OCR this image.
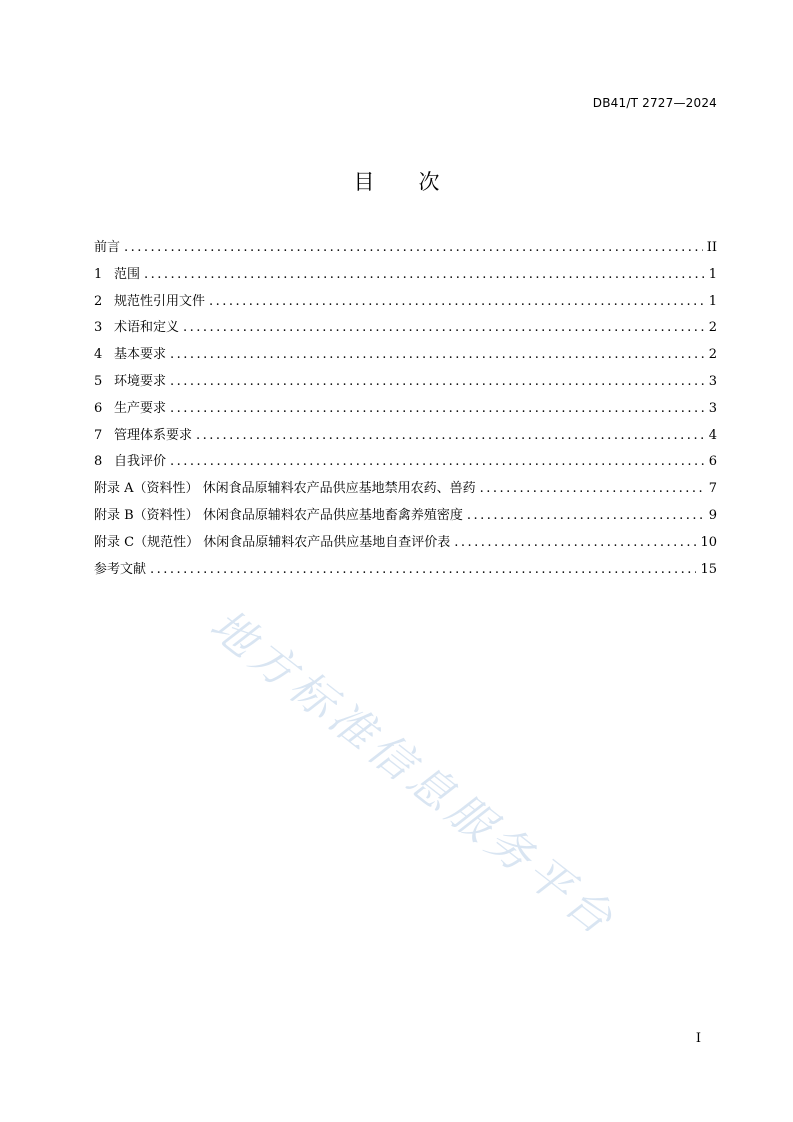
DB41/T 2727—2024
目次
前言 .....	II
1 范围 .....	1
2 规范性引用文件 .....	1
3 术语和定义 .....	2
4 基本要求 .....	2
5 环境要求 .....	3
6 生产要求 .....	3
7 管理体系要求 .....	4
8 自我评价 .....	6
附录 A（资料性） 休闲食品原辅料农产品供应基地禁用农药、兽药 .....	7
附录 B（资料性） 休闲食品原辅料农产品供应基地畜禽养殖密度 .....	9
附录 C（规范性） 休闲食品原辅料农产品供应基地自查评价表 .....	10
参考文献 .....	15
地方标准信息服务平台
I
